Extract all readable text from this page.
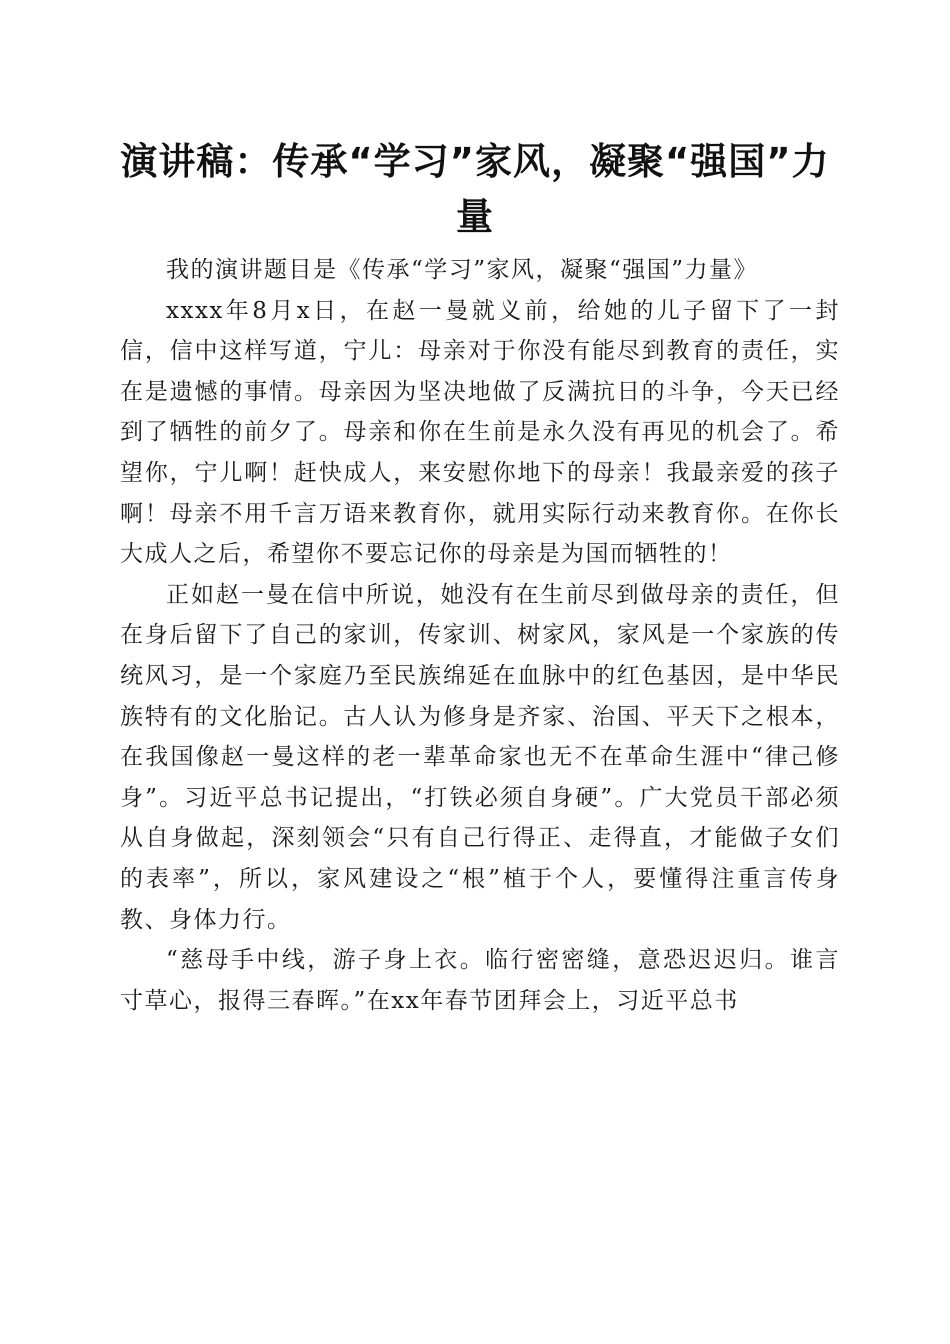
演讲稿：传承“学习”家风，凝聚“强国”力量

我的演讲题目是《传承“学习”家风，凝聚“强国”力量》

xxxx年8月x日，在赵一曼就义前，给她的儿子留下了一封信，信中这样写道，宁儿：母亲对于你没有能尽到教育的责任，实在是遗憾的事情。母亲因为坚决地做了反满抗日的斗争，今天已经到了牺牲的前夕了。母亲和你在生前是永久没有再见的机会了。希望你，宁儿啊！赶快成人，来安慰你地下的母亲！我最亲爱的孩子啊！母亲不用千言万语来教育你，就用实际行动来教育你。在你长大成人之后，希望你不要忘记你的母亲是为国而牺牲的！

正如赵一曼在信中所说，她没有在生前尽到做母亲的责任，但在身后留下了自己的家训，传家训、树家风，家风是一个家族的传统风习，是一个家庭乃至民族绵延在血脉中的红色基因，是中华民族特有的文化胎记。古人认为修身是齐家、治国、平天下之根本，在我国像赵一曼这样的老一辈革命家也无不在革命生涯中“律己修身”。习近平总书记提出，“打铁必须自身硬”。广大党员干部必须从自身做起，深刻领会“只有自己行得正、走得直，才能做子女们的表率”，所以，家风建设之“根”植于个人，要懂得注重言传身教、身体力行。

“慈母手中线，游子身上衣。临行密密缝，意恐迟迟归。谁言寸草心，报得三春晖。”在xx年春节团拜会上，习近平总书
